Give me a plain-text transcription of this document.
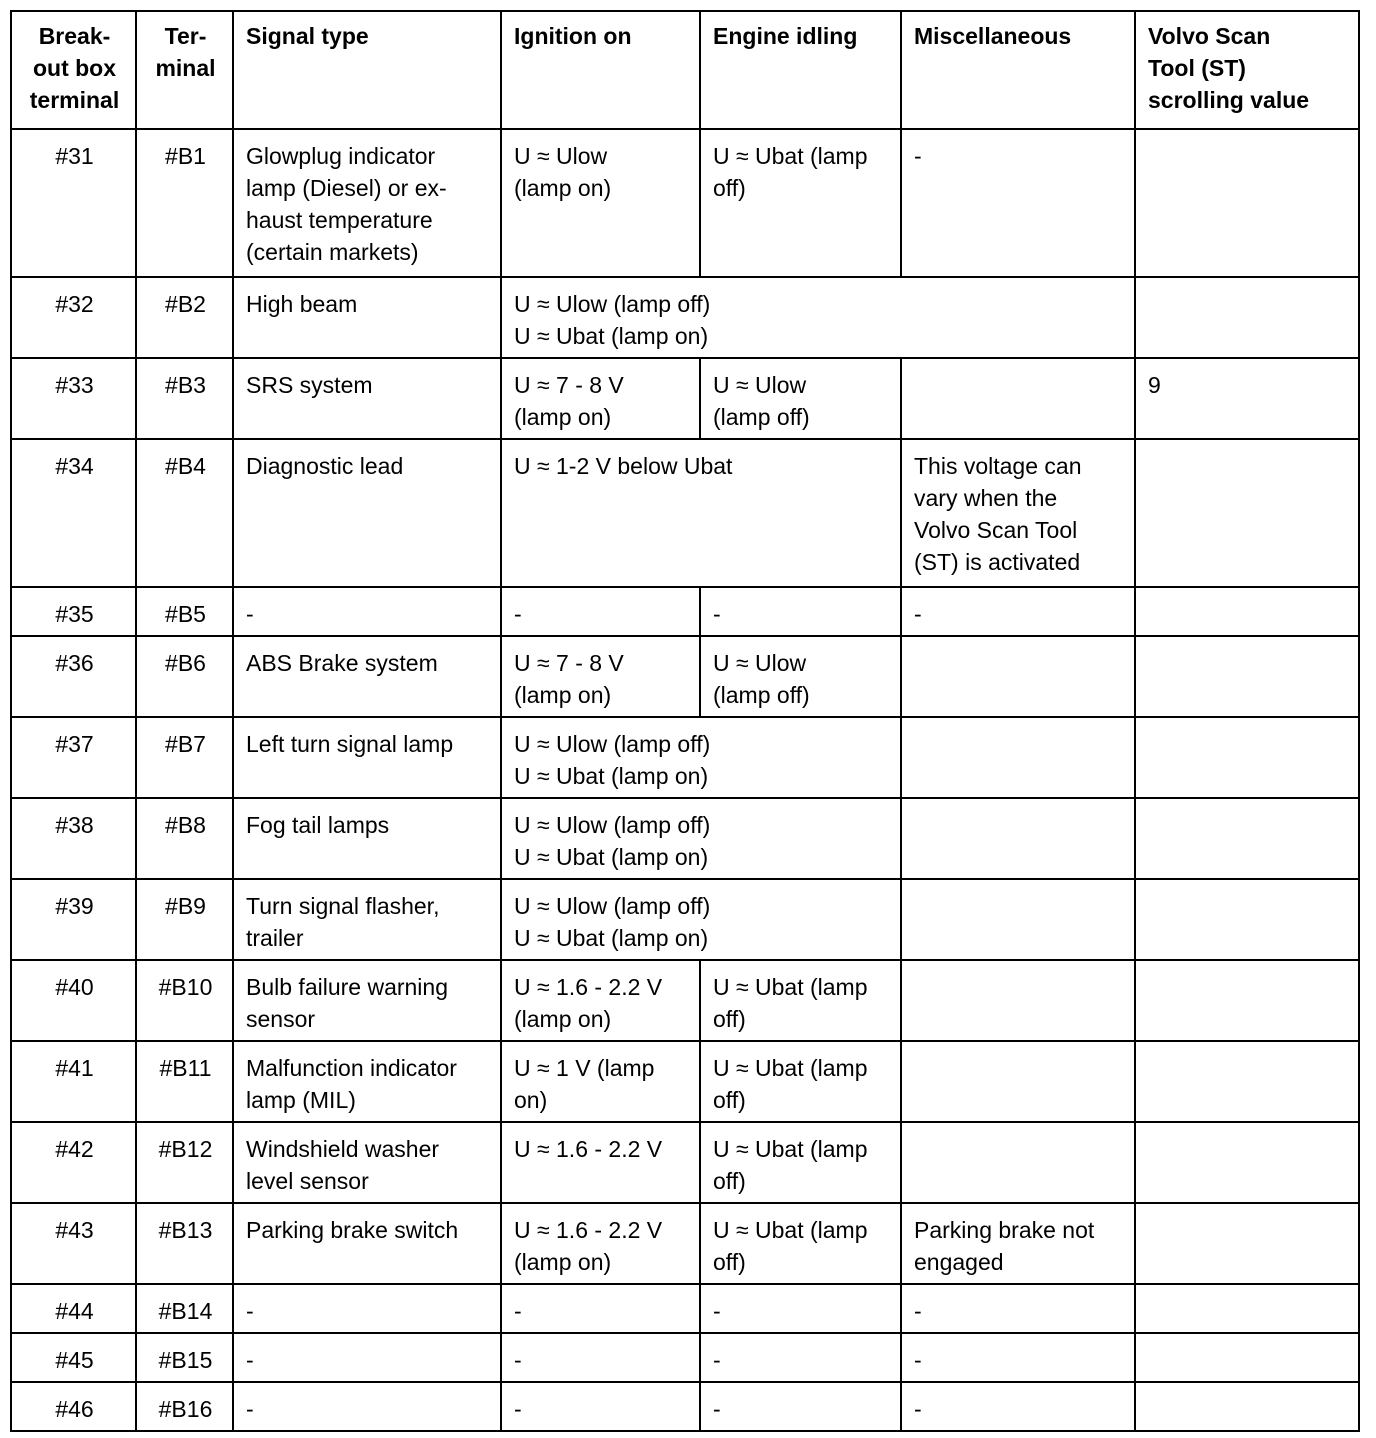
Break-
out box
terminal	Ter-
minal	Signal type	Ignition on	Engine idling	Miscellaneous	Volvo Scan
Tool (ST)
scrolling value

#31	#B1	Glowplug indicator
lamp (Diesel) or ex-
haust temperature
(certain markets)	U ≈ Ulow
(lamp on)	U ≈ Ubat (lamp
off)	-	

#32	#B2	High beam	U ≈ Ulow (lamp off)
U ≈ Ubat (lamp on)			

#33	#B3	SRS system	U ≈ 7 - 8 V
(lamp on)	U ≈ Ulow
(lamp off)		9

#34	#B4	Diagnostic lead	U ≈ 1-2 V below Ubat		This voltage can
vary when the
Volvo Scan Tool
(ST) is activated	

#35	#B5	-	-	-	-	

#36	#B6	ABS Brake system	U ≈ 7 - 8 V
(lamp on)	U ≈ Ulow
(lamp off)		

#37	#B7	Left turn signal lamp	U ≈ Ulow (lamp off)
U ≈ Ubat (lamp on)			

#38	#B8	Fog tail lamps	U ≈ Ulow (lamp off)
U ≈ Ubat (lamp on)			

#39	#B9	Turn signal flasher,
trailer	U ≈ Ulow (lamp off)
U ≈ Ubat (lamp on)			

#40	#B10	Bulb failure warning
sensor	U ≈ 1.6 - 2.2 V
(lamp on)	U ≈ Ubat (lamp
off)		

#41	#B11	Malfunction indicator
lamp (MIL)	U ≈ 1 V (lamp
on)	U ≈ Ubat (lamp
off)		

#42	#B12	Windshield washer
level sensor	U ≈ 1.6 - 2.2 V	U ≈ Ubat (lamp
off)		

#43	#B13	Parking brake switch	U ≈ 1.6 - 2.2 V
(lamp on)	U ≈ Ubat (lamp
off)	Parking brake not
engaged	

#44	#B14	-	-	-	-	

#45	#B15	-	-	-	-	

#46	#B16	-	-	-	-	
